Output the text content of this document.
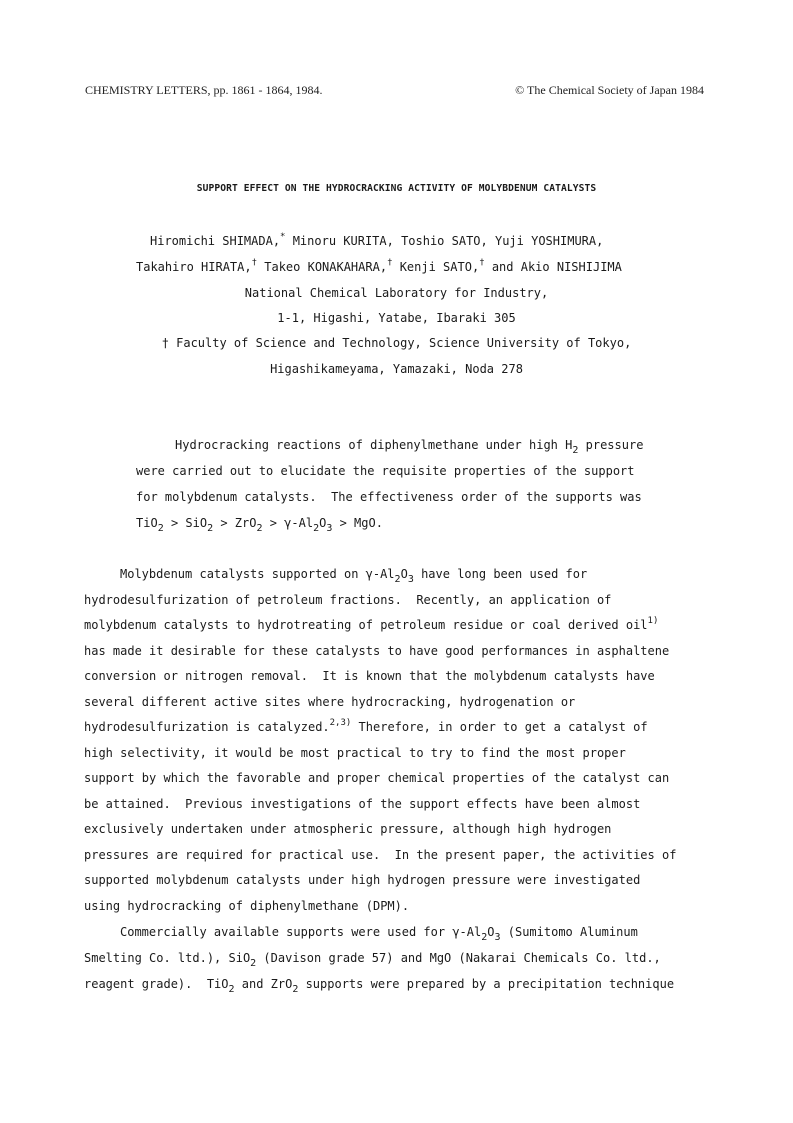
CHEMISTRY LETTERS, pp. 1861 - 1864, 1984.	© The Chemical Society of Japan 1984
SUPPORT EFFECT ON THE HYDROCRACKING ACTIVITY OF MOLYBDENUM CATALYSTS
Hiromichi SHIMADA,* Minoru KURITA, Toshio SATO, Yuji YOSHIMURA,
Takahiro HIRATA,† Takeo KONAKAHARA,† Kenji SATO,† and Akio NISHIJIMA
National Chemical Laboratory for Industry,
1-1, Higashi, Yatabe, Ibaraki 305
† Faculty of Science and Technology, Science University of Tokyo,
Higashikameyama, Yamazaki, Noda 278
Hydrocracking reactions of diphenylmethane under high $H_2$ pressure
were carried out to elucidate the requisite properties of the support
for molybdenum catalysts.  The effectiveness order of the supports was
$TiO_2 > SiO_2 > ZrO_2 > \gamma-Al_2O_3$ > MgO.
Molybdenum catalysts supported on $\gamma-Al_2O_3$ have long been used for
hydrodesulfurization of petroleum fractions.  Recently, an application of
molybdenum catalysts to hydrotreating of petroleum residue or coal derived oil$^{1)}$
has made it desirable for these catalysts to have good performances in asphaltene
conversion or nitrogen removal.  It is known that the molybdenum catalysts have
several different active sites where hydrocracking, hydrogenation or
hydrodesulfurization is catalyzed.$^{2,3)}$ Therefore, in order to get a catalyst of
high selectivity, it would be most practical to try to find the most proper
support by which the favorable and proper chemical properties of the catalyst can
be attained.  Previous investigations of the support effects have been almost
exclusively undertaken under atmospheric pressure, although high hydrogen
pressures are required for practical use.  In the present paper, the activities of
supported molybdenum catalysts under high hydrogen pressure were investigated
using hydrocracking of diphenylmethane (DPM).
Commercially available supports were used for $\gamma-Al_2O_3$ (Sumitomo Aluminum
Smelting Co. ltd.), SiO$_2$ (Davison grade 57) and MgO (Nakarai Chemicals Co. ltd.,
reagent grade).  TiO$_2$ and ZrO$_2$ supports were prepared by a precipitation technique
